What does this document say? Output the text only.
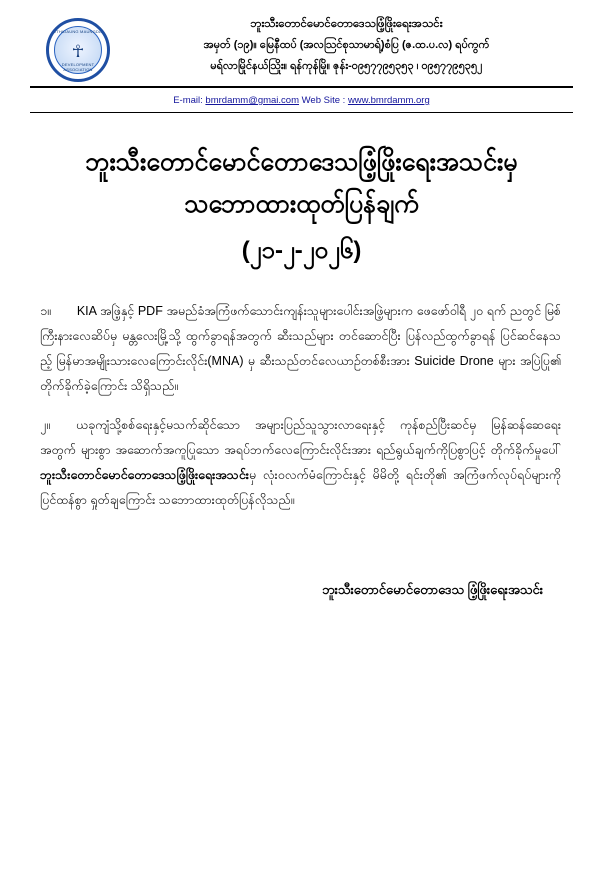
BUTHIDAUNG MAUNGDAW
☥
DEVELOPMENT ASSOCIATION
ဘူးသီးတောင်မောင်တောဒေသဖြံ့ဖြိုးရေးအသင်း
အမှတ် (၁၉)။ မြေနီထပ် (အလသြင်စုသာမာရ့်)စံပြ (ဇ.ထ.ပ.လ) ရပ်ကွက်
မရ်လာမြိုင်နယ်သြိုး။ ရန်ကုန်မြို။ ဇုန်း-၀၉၅၇၇၉၅၃၅၃ ၊ ၀၉၅၇၇၉၅၃၅၂
E-mail: bmrdamm@gmai.com Web Site : www.bmrdamm.org
ဘူးသီးတောင်မောင်တောဒေသဖြံ့ဖြိုးရေးအသင်းမှ
သဘောထားထုတ်ပြန်ချက်
(၂၁-၂-၂၀၂၆)

၁။ KIA အဖြဲ့နှင့် PDF အမည်ခံအကြံဖက်သောင်းကျန်းသူများပေါင်းအဖြဲ့များက ဖေဖော်ဝါရီ ၂၀ ရက် ညတွင် မြစ်ကြီးနားလေဆိပ်မှ မန္တလေးမြို့သို့ ထွက်ခွာရန်အတွက် ဆီးသည်များ တင်ဆောင်ပြီး ပြန်လည်ထွက်ခွာရန် ပြင်ဆင်နေသည့် မြန်မာအမျိုးသားလေကြောင်းလိုင်း(MNA) မှ ဆီးသည်တင်လေယာဉ်တစ်စီးအား Suicide Drone များ အပြဲပြု၏ တိုက်ခိုက်ခဲ့ကြောင်း သိရှိသည်။

၂။ ယခုကျံသို့စစ်ရေးနှင့်မသက်ဆိုင်သော အများပြည်သူသွားလာရေးနှင့် ကုန်စည်ပြီးဆင်မှ မြန်ဆန်ဆေရေးအတွက် များစွာ အဆောက်အကူပြုသော အရပ်ဘက်လေကြောင်းလိုင်းအား ရည်ရွယ်ချက်ကိုပြစွာပြင့် တိုက်ခိုက်မှုပေါ် ဘူးသီးတောင်မောင်တောဒေသဖြံ့ဖြိုးရေးအသင်းမှ လုံးဝလက်မံကြောင်းနှင့် မိမိတို့ ရင်းတို၏ အကြံဖက်လုပ်ရပ်များကို ပြင်ထန်စွာ ရှုတ်ချကြောင်း သဘောထားထုတ်ပြန်လိုသည်။

ဘူးသီးတောင်မောင်တောဒေသ ဖြံ့ဖြိုးရေးအသင်း
